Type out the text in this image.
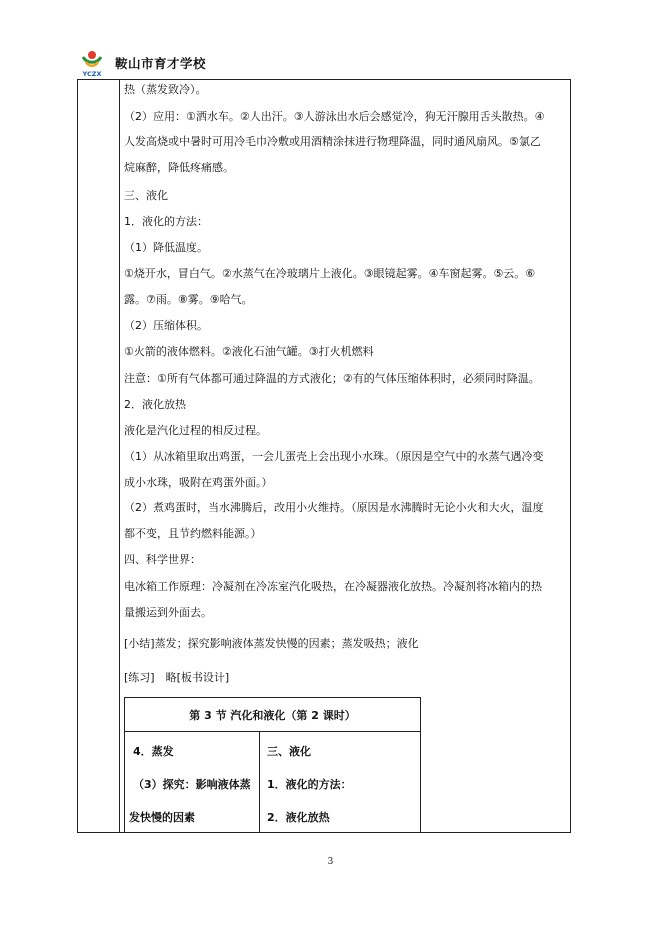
YCZX
鞍山市育才学校
热（蒸发致冷）。
（2）应用：①洒水车。②人出汗。③人游泳出水后会感觉冷，狗无汗腺用舌头散热。④
人发高烧或中暑时可用冷毛巾冷敷或用酒精涂抹进行物理降温，同时通风扇风。⑤氯乙
烷麻醉，降低疼痛感。
三、液化
1．液化的方法：
（1）降低温度。
①烧开水，冒白气。②水蒸气在冷玻璃片上液化。③眼镜起雾。④车窗起雾。⑤云。⑥
露。⑦雨。⑧雾。⑨哈气。
（2）压缩体积。
①火箭的液体燃料。②液化石油气罐。③打火机燃料
注意：①所有气体都可通过降温的方式液化；②有的气体压缩体积时，必须同时降温。
2．液化放热
液化是汽化过程的相反过程。
（1）从冰箱里取出鸡蛋，一会儿蛋壳上会出现小水珠。（原因是空气中的水蒸气遇冷变
成小水珠，吸附在鸡蛋外面。）
（2）煮鸡蛋时，当水沸腾后，改用小火维持。（原因是水沸腾时无论小火和大火，温度
都不变，且节约燃料能源。）
四、科学世界：
电冰箱工作原理：冷凝剂在冷冻室汽化吸热，在冷凝器液化放热。冷凝剂将冰箱内的热
量搬运到外面去。
[小结]蒸发；探究影响液体蒸发快慢的因素；蒸发吸热；液化
[练习]　略[板书设计]
第 3 节 汽化和液化（第 2 课时）
4．蒸发
（3）探究：影响液体蒸
发快慢的因素
三、液化
1．液化的方法：
2．液化放热
3
